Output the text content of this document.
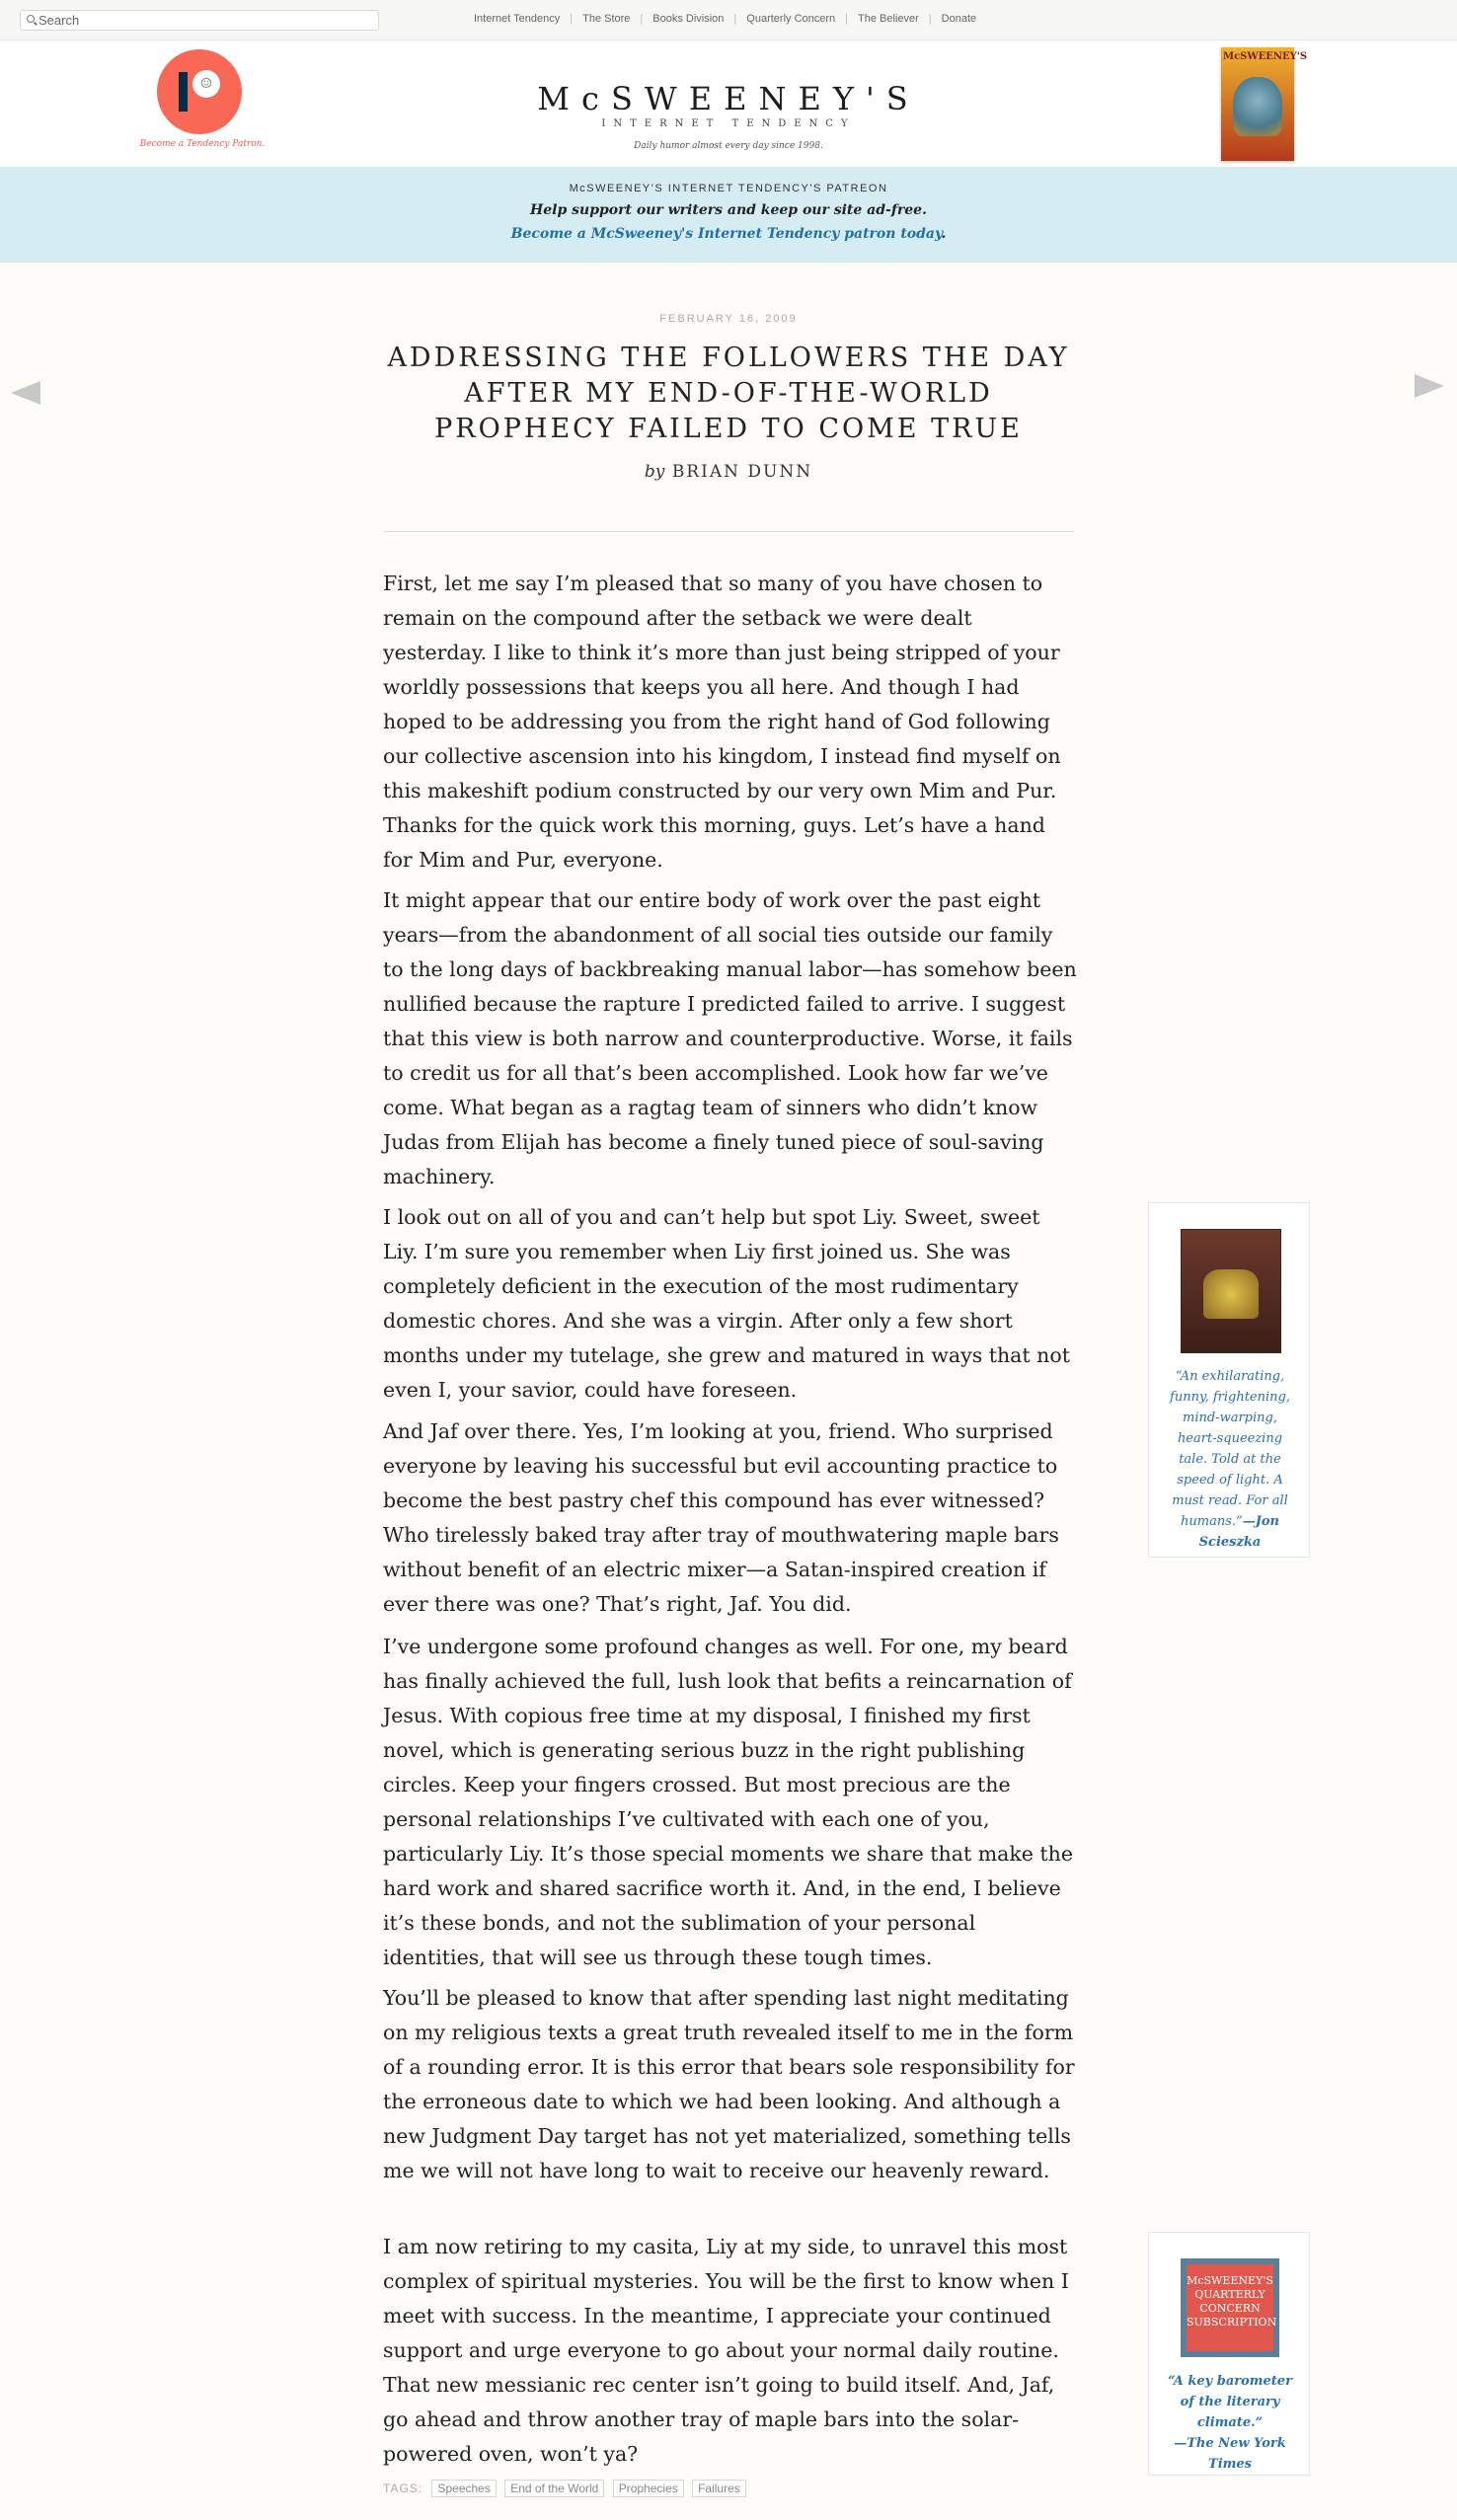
Search
Internet Tendency | The Store | Books Division | Quarterly Concern | The Believer | Donate
☺
Become a Tendency Patron.
McSWEENEY'S
INTERNET TENDENCY
Daily humor almost every day since 1998.
McSWEENEY'S
McSWEENEY'S INTERNET TENDENCY'S PATREON
Help support our writers and keep our site ad-free.
Become a McSweeney's Internet Tendency patron today.
FEBRUARY 16, 2009
ADDRESSING THE FOLLOWERS THE DAY AFTER MY END-OF-THE-WORLD PROPHECY FAILED TO COME TRUE
by BRIAN DUNN

First, let me say I’m pleased that so many of you have chosen to remain on the compound after the setback we were dealt yesterday. I like to think it’s more than just being stripped of your worldly possessions that keeps you all here. And though I had hoped to be addressing you from the right hand of God following our collective ascension into his kingdom, I instead find myself on this makeshift podium constructed by our very own Mim and Pur. Thanks for the quick work this morning, guys. Let’s have a hand for Mim and Pur, everyone.

It might appear that our entire body of work over the past eight years—from the abandonment of all social ties outside our family to the long days of backbreaking manual labor—has somehow been nullified because the rapture I predicted failed to arrive. I suggest that this view is both narrow and counterproductive. Worse, it fails to credit us for all that’s been accomplished. Look how far we’ve come. What began as a ragtag team of sinners who didn’t know Judas from Elijah has become a finely tuned piece of soul-saving machinery.

I look out on all of you and can’t help but spot Liy. Sweet, sweet Liy. I’m sure you remember when Liy first joined us. She was completely deficient in the execution of the most rudimentary domestic chores. And she was a virgin. After only a few short months under my tutelage, she grew and matured in ways that not even I, your savior, could have foreseen.

And Jaf over there. Yes, I’m looking at you, friend. Who surprised everyone by leaving his successful but evil accounting practice to become the best pastry chef this compound has ever witnessed? Who tirelessly baked tray after tray of mouthwatering maple bars without benefit of an electric mixer—a Satan-inspired creation if ever there was one? That’s right, Jaf. You did.

I’ve undergone some profound changes as well. For one, my beard has finally achieved the full, lush look that befits a reincarnation of Jesus. With copious free time at my disposal, I finished my first novel, which is generating serious buzz in the right publishing circles. Keep your fingers crossed. But most precious are the personal relationships I’ve cultivated with each one of you, particularly Liy. It’s those special moments we share that make the hard work and shared sacrifice worth it. And, in the end, I believe it’s these bonds, and not the sublimation of your personal identities, that will see us through these tough times.

You’ll be pleased to know that after spending last night meditating on my religious texts a great truth revealed itself to me in the form of a rounding error. It is this error that bears sole responsibility for the erroneous date to which we had been looking. And although a new Judgment Day target has not yet materialized, something tells me we will not have long to wait to receive our heavenly reward.

I am now retiring to my casita, Liy at my side, to unravel this most complex of spiritual mysteries. You will be the first to know when I meet with success. In the meantime, I appreciate your continued support and urge everyone to go about your normal daily routine. That new messianic rec center isn’t going to build itself. And, Jaf, go ahead and throw another tray of maple bars into the solar-powered oven, won’t ya?

“An exhilarating, funny, frightening, mind-warping, heart-squeezing tale. Told at the speed of light. A must read. For all humans.”—Jon Scieszka
McSWEENEY'S QUARTERLY CONCERN SUBSCRIPTION
“A key barometer of the literary climate.”
—The New York Times
TAGS: Speeches End of the World Prophecies Failures
